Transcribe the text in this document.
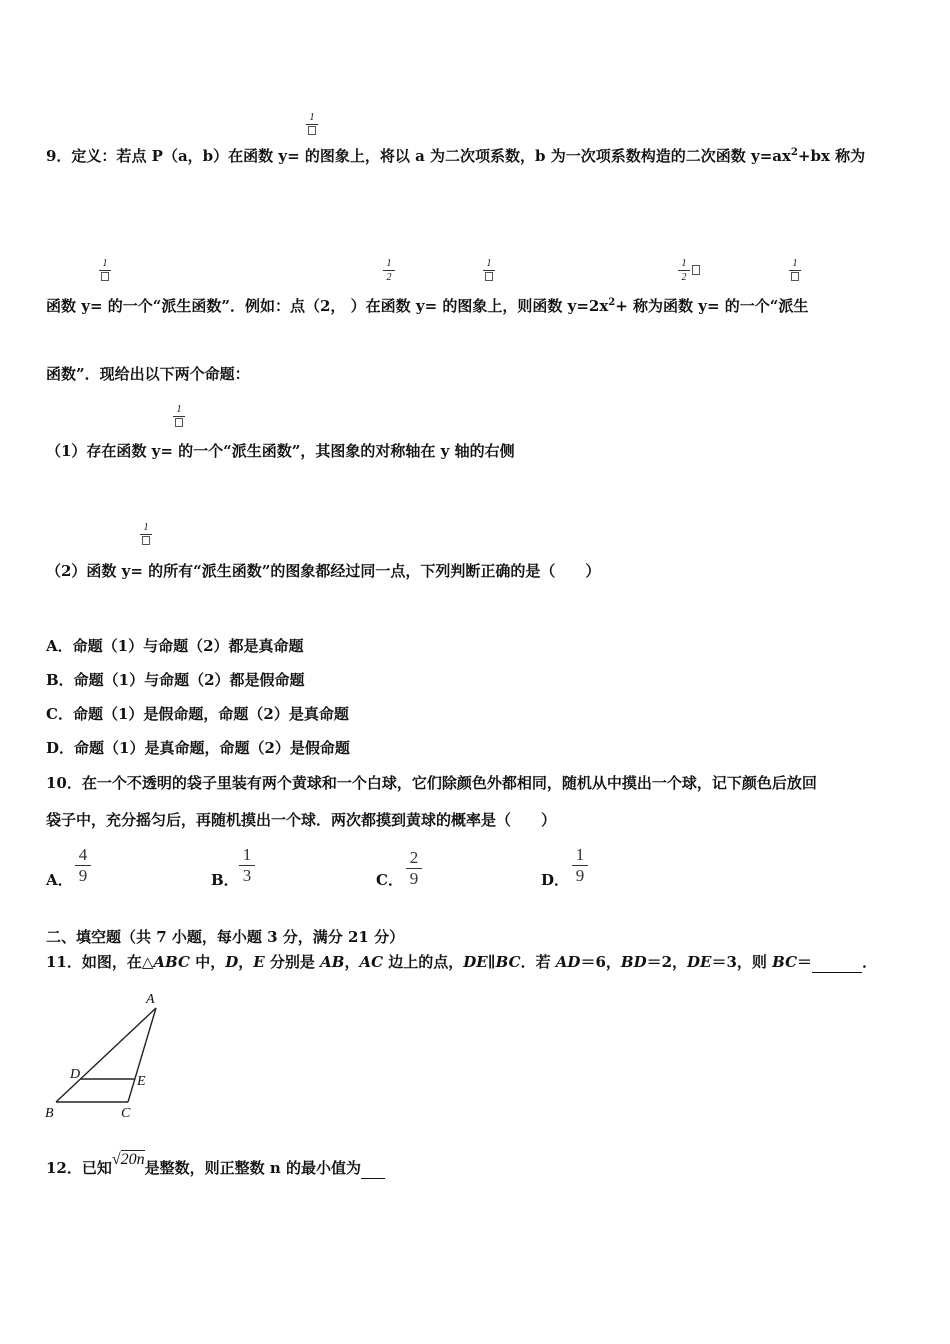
1
9．定义：若点 P（a，b）在函数 y= 的图象上，将以 a 为二次项系数，b 为一次项系数构造的二次函数 $y=ax^2+bx$ 称为
1	1
2
1	1
2
1
函数 y= 的一个“派生函数”．例如：点（2， ）在函数 y= 的图象上，则函数 $y=2x^2+$ 称为函数 y= 的一个“派生
函数”．现给出以下两个命题：
1
（1）存在函数 y= 的一个“派生函数”，其图象的对称轴在 y 轴的右侧
1
（2）函数 y= 的所有“派生函数”的图象都经过同一点，下列判断正确的是（　　）
A．命题（1）与命题（2）都是真命题
B．命题（1）与命题（2）都是假命题
C．命题（1）是假命题，命题（2）是真命题
D．命题（1）是真命题，命题（2）是假命题
10．在一个不透明的袋子里装有两个黄球和一个白球，它们除颜色外都相同，随机从中摸出一个球，记下颜色后放回
袋子中，充分摇匀后，再随机摸出一个球．两次都摸到黄球的概率是（　　）
A．
4
9	B．
1
3	C．
2
9	D．
1
9
二、填空题（共 7 小题，每小题 3 分，满分 21 分）
11．如图，在△ABC 中，D，E 分别是 AB，AC 边上的点，DE∥BC．若 AD＝6，BD＝2，DE＝3，则 BC＝	．
A
D	E
B	C
12．已知√20n是整数，则正整数 n 的最小值为
